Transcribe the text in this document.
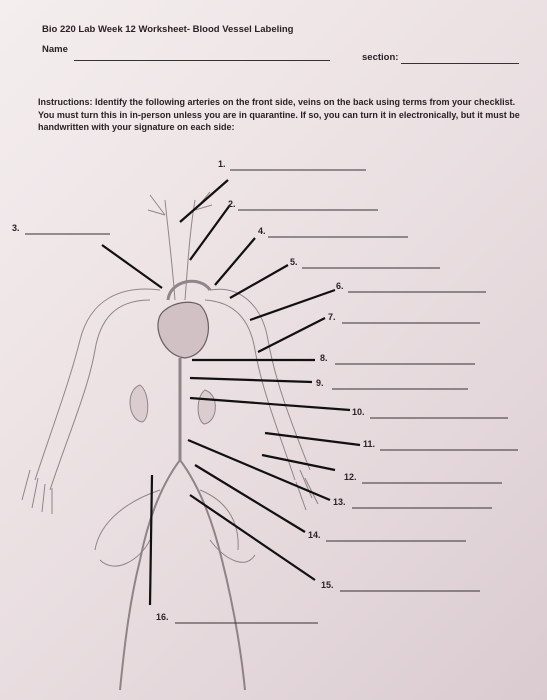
Bio 220 Lab Week 12 Worksheet- Blood Vessel Labeling
Name
section:
Instructions: Identify the following arteries on the front side, veins on the back using terms from your checklist. You must turn this in in-person unless you are in quarantine. If so, you can turn it in electronically, but it must be handwritten with your signature on each side:
1.
2.
3.	4.
5.
6.
7.
8.
9.
10.
11.
12.
13.
14.
15.
16.
